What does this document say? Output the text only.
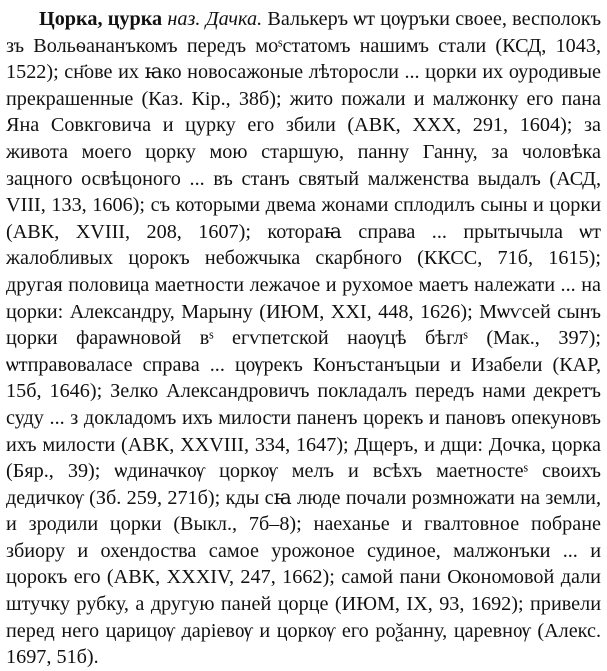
Цорка, цурка наз. Дачка. Валькеръ ѡт цѹръки своее, весполокъ зъ Вольѳананъкомъ передъ моˢстатомъ нашимъ стали (КСД, 1043, 1522); сн҃ове их ꙗко новосажоные лѣторосли ... цорки их оуродивые прекрашенные (Каз. Кір., 38б); жито пожали и малжонку его пана Яна Совкговича и цурку его збили (АВК, XXX, 291, 1604); за живота моего цорку мою старшую, панну Ганну, за чоловѣка зацного освѣцоного ... въ станъ святый малженства выдалъ (АСД, VIII, 133, 1606); съ которыми двема жонами сплодилъ сыны и цорки (АВК, XVIII, 208, 1607); котораꙗ справа ... прытычыла ѡт жалобливых цорокъ небожчыка скарбного (ККСС, 71б, 1615); другая половица маетности лежачое и рухомое маетъ належати ... на цорки: Александру, Марыну (ИЮМ, XXI, 448, 1626); Мѡѵсей сынъ цорки фараѡновой вˢ егѵпетской наѹцѣ бѣглˢ (Мак., 397); ѡтправоваласе справа ... цѹрекъ Конъстанъцыи и Изабели (КАР, 15б, 1646); Зелко Александровичъ покладалъ передъ нами декретъ суду ... з докладомъ ихъ милости паненъ цорекъ и пановъ опекуновъ ихъ милости (АВК, XXVIII, 334, 1647); Дщеръ, и дщи: Дочка, цорка (Бяр., 39); ѡдиначкѹ цоркѹ мелъ и всѣхъ маетностеˢ своихъ дедичкѹ (Зб. 259, 271б); кды сꙗ люде почали розмножати на земли, и зродили цорки (Выкл., 7б–8); наеханье и гвалтовное побране збиору и охендоства самое урожоное судиное, малжонъки ... и цорокъ его (АВК, XXXIV, 247, 1662); самой пани Окономовой дали штучку рубку, а другую паней цорце (ИЮМ, IX, 93, 1692); привели перед него царицѹ даріевѹ и цоркѹ его роѯанну, царевнѹ (Алекс. 1697, 51б).
